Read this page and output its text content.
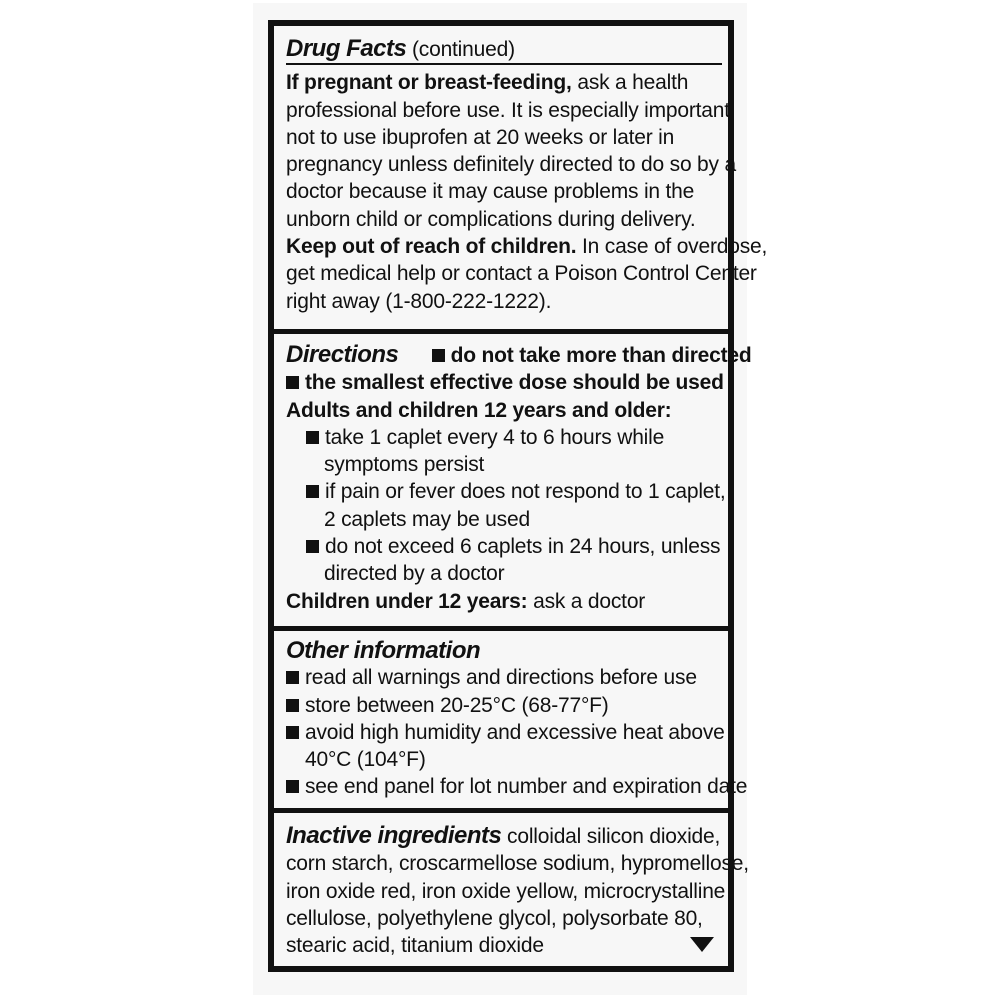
Drug Facts (continued)
If pregnant or breast-feeding, ask a health
professional before use. It is especially important
not to use ibuprofen at 20 weeks or later in
pregnancy unless definitely directed to do so by a
doctor because it may cause problems in the
unborn child or complications during delivery.
Keep out of reach of children. In case of overdose,
get medical help or contact a Poison Control Center
right away (1-800-222-1222).
Directions do not take more than directed
the smallest effective dose should be used
Adults and children 12 years and older:
take 1 caplet every 4 to 6 hours while
symptoms persist
if pain or fever does not respond to 1 caplet,
2 caplets may be used
do not exceed 6 caplets in 24 hours, unless
directed by a doctor
Children under 12 years: ask a doctor
Other information
read all warnings and directions before use
store between 20-25°C (68-77°F)
avoid high humidity and excessive heat above
40°C (104°F)
see end panel for lot number and expiration date
Inactive ingredients colloidal silicon dioxide,
corn starch, croscarmellose sodium, hypromellose,
iron oxide red, iron oxide yellow, microcrystalline
cellulose, polyethylene glycol, polysorbate 80,
stearic acid, titanium dioxide
